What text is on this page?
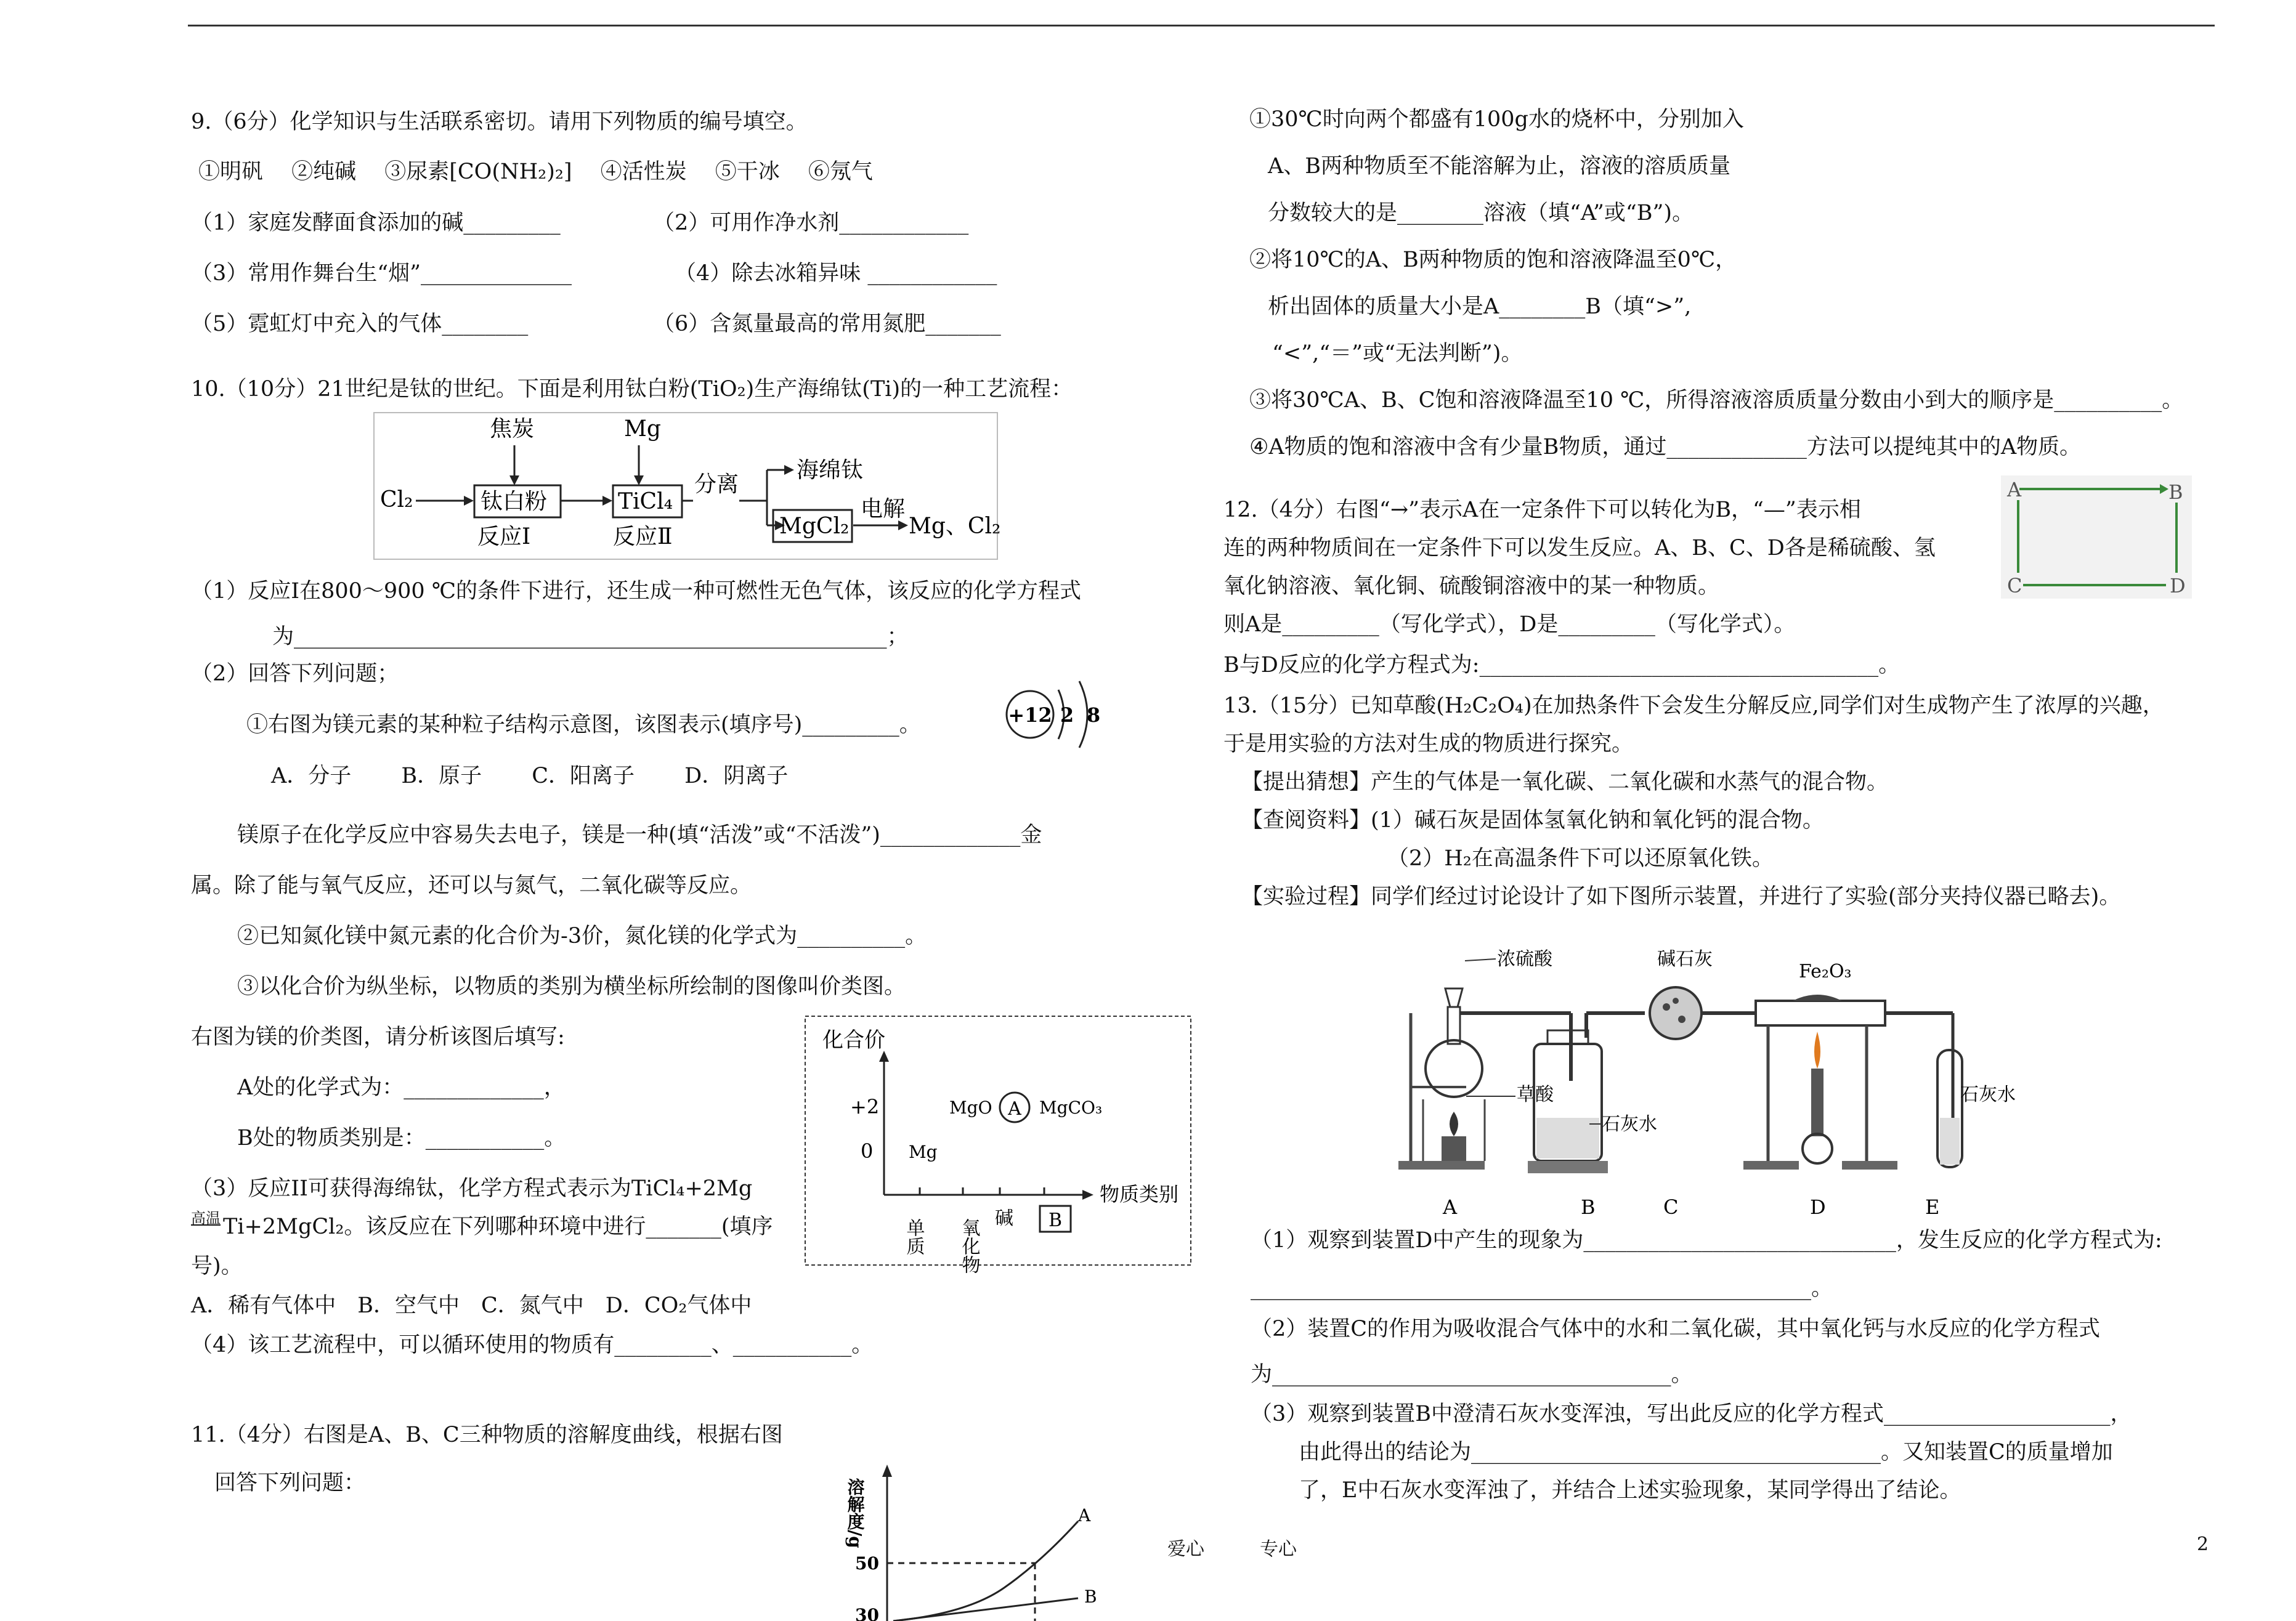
9.（6分）化学知识与生活联系密切。请用下列物质的编号填空。
①明矾　 ②纯碱　 ③尿素[CO(NH₂)₂]　 ④活性炭　 ⑤干冰　 ⑥氖气
（1）家庭发酵面食添加的碱_________	（2）可用作净水剂____________
（3）常用作舞台生“烟”______________	（4）除去冰箱异味 ____________
（5）霓虹灯中充入的气体________	（6）含氮量最高的常用氮肥_______
10.（10分）21世纪是钛的世纪。下面是利用钛白粉(TiO₂)生产海绵钛(Ti)的一种工艺流程：
焦炭	Mg
Cl₂	钛白粉
反应Ⅰ
TiCl₄
反应Ⅱ
分离
海绵钛
MgCl₂
电解
Mg、Cl₂
（1）反应Ⅰ在800～900 ℃的条件下进行，还生成一种可燃性无色气体，该反应的化学方程式
为_______________________________________________________；
（2）回答下列问题；
①右图为镁元素的某种粒子结构示意图，该图表示(填序号)_________。	+12 2 8
A．分子　　 B．原子　　 C．阳离子　　 D．阴离子
镁原子在化学反应中容易失去电子，镁是一种(填“活泼”或“不活泼”)_____________金
属。除了能与氧气反应，还可以与氮气，二氧化碳等反应。
②已知氮化镁中氮元素的化合价为-3价，氮化镁的化学式为__________。
③以化合价为纵坐标，以物质的类别为横坐标所绘制的图像叫价类图。
右图为镁的价类图，请分析该图后填写:
A处的化学式为：_____________，
B处的物质类别是：___________。
化合价
物质类别
+2
0 Mg
MgO A MgCO₃
单质 氧化物 碱 B
（3）反应II可获得海绵钛，化学方程式表示为TiCl₄+2Mg
高温 Ti+2MgCl₂。该反应在下列哪种环境中进行_______(填序
号)。
A．稀有气体中　B．空气中　C．氮气中　D．CO₂气体中
（4）该工艺流程中，可以循环使用的物质有_________、___________。
11.（4分）右图是A、B、C三种物质的溶解度曲线，根据右图
回答下列问题：	溶解度/g
50
30
A
B
①30℃时向两个都盛有100g水的烧杯中，分别加入
A、B两种物质至不能溶解为止，溶液的溶质质量
分数较大的是________溶液（填“A”或“B”)。
②将10℃的A、B两种物质的饱和溶液降温至0℃，
析出固体的质量大小是A________B（填“>”,
“<”,“＝”或“无法判断”)。
③将30℃A、B、C饱和溶液降温至10 ℃，所得溶液溶质质量分数由小到大的顺序是__________。
④A物质的饱和溶液中含有少量B物质，通过_____________方法可以提纯其中的A物质。
12.（4分）右图“→”表示A在一定条件下可以转化为B，“—”表示相
连的两种物质间在一定条件下可以发生反应。A、B、C、D各是稀硫酸、氢
氧化钠溶液、氧化铜、硫酸铜溶液中的某一种物质。
则A是_________（写化学式），D是_________（写化学式）。
B与D反应的化学方程式为:_____________________________________。
A	B
C	D
13.（15分）已知草酸(H₂C₂O₄)在加热条件下会发生分解反应,同学们对生成物产生了浓厚的兴趣，
于是用实验的方法对生成的物质进行探究。
【提出猜想】产生的气体是一氧化碳、二氧化碳和水蒸气的混合物。
【查阅资料】(1）碱石灰是固体氢氧化钠和氧化钙的混合物。
（2）H₂在高温条件下可以还原氧化铁。
【实验过程】同学们经过讨论设计了如下图所示装置，并进行了实验(部分夹持仪器已略去)。
浓硫酸
草酸
石灰水
碱石灰
Fe₂O₃
石灰水
A	B	C	D	E
（1）观察到装置D中产生的现象为_____________________________，发生反应的化学方程式为:
____________________________________________________。
（2）装置C的作用为吸收混合气体中的水和二氧化碳，其中氧化钙与水反应的化学方程式
为_____________________________________。
（3）观察到装置B中澄清石灰水变浑浊，写出此反应的化学方程式_____________________，
由此得出的结论为______________________________________。又知装置C的质量增加
了，E中石灰水变浑浊了，并结合上述实验现象，某同学得出了结论。
爱心　　　专心	2
